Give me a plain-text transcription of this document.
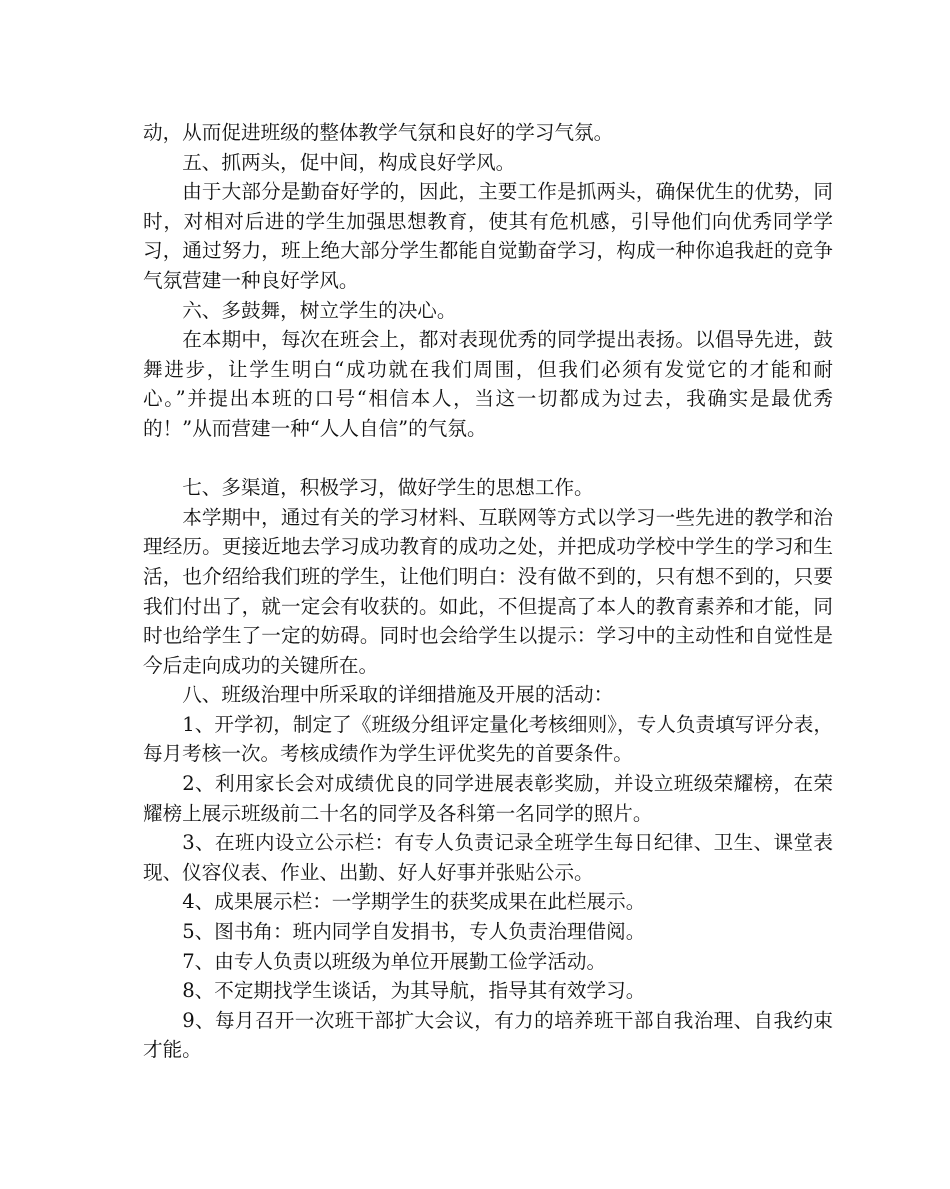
动，从而促进班级的整体教学气氛和良好的学习气氛。

五、抓两头，促中间，构成良好学风。

由于大部分是勤奋好学的，因此，主要工作是抓两头，确保优生的优势，同时，对相对后进的学生加强思想教育，使其有危机感，引导他们向优秀同学学习，通过努力，班上绝大部分学生都能自觉勤奋学习，构成一种你追我赶的竞争气氛营建一种良好学风。

六、多鼓舞，树立学生的决心。

在本期中，每次在班会上，都对表现优秀的同学提出表扬。以倡导先进，鼓舞进步，让学生明白“成功就在我们周围，但我们必须有发觉它的才能和耐心。”并提出本班的口号“相信本人，当这一切都成为过去，我确实是最优秀的！”从而营建一种“人人自信”的气氛。

七、多渠道，积极学习，做好学生的思想工作。

本学期中，通过有关的学习材料、互联网等方式以学习一些先进的教学和治理经历。更接近地去学习成功教育的成功之处，并把成功学校中学生的学习和生活，也介绍给我们班的学生，让他们明白：没有做不到的，只有想不到的，只要我们付出了，就一定会有收获的。如此，不但提高了本人的教育素养和才能，同时也给学生了一定的妨碍。同时也会给学生以提示：学习中的主动性和自觉性是今后走向成功的关键所在。

八、班级治理中所采取的详细措施及开展的活动：

1、开学初，制定了《班级分组评定量化考核细则》，专人负责填写评分表，每月考核一次。考核成绩作为学生评优奖先的首要条件。

2、利用家长会对成绩优良的同学进展表彰奖励，并设立班级荣耀榜，在荣耀榜上展示班级前二十名的同学及各科第一名同学的照片。

3、在班内设立公示栏：有专人负责记录全班学生每日纪律、卫生、课堂表现、仪容仪表、作业、出勤、好人好事并张贴公示。

4、成果展示栏：一学期学生的获奖成果在此栏展示。

5、图书角：班内同学自发捐书，专人负责治理借阅。

7、由专人负责以班级为单位开展勤工俭学活动。

8、不定期找学生谈话，为其导航，指导其有效学习。

9、每月召开一次班干部扩大会议，有力的培养班干部自我治理、自我约束才能。
